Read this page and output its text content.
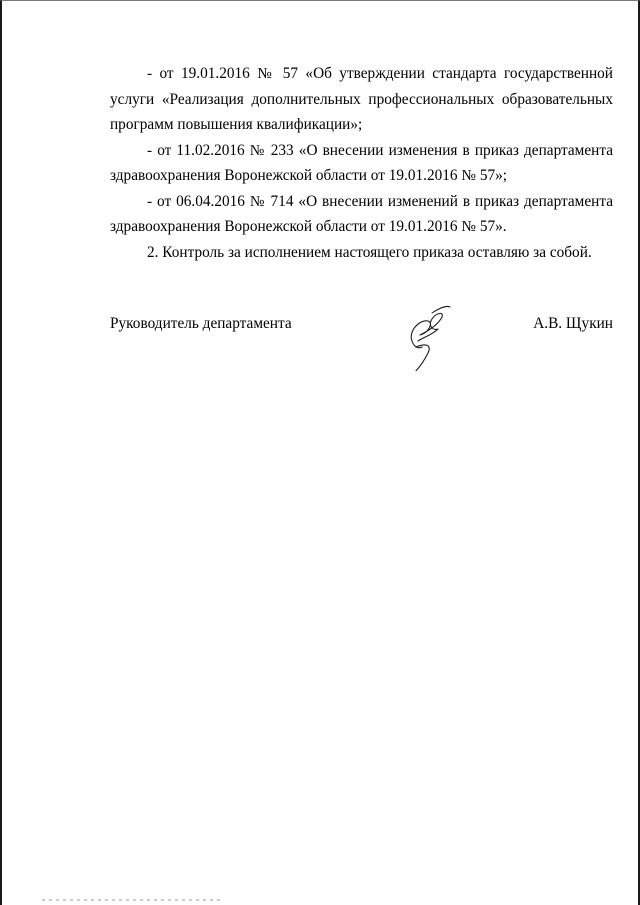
- от 19.01.2016 № 57 «Об утверждении стандарта государственной
услуги «Реализация дополнительных профессиональных образовательных
программ повышения квалификации»;

- от 11.02.2016 № 233 «О внесении изменения в приказ департамента
здравоохранения Воронежской области от 19.01.2016 № 57»;

- от 06.04.2016 № 714 «О внесении изменений в приказ департамента
здравоохранения Воронежской области от 19.01.2016 № 57».

2. Контроль за исполнением настоящего приказа оставляю за собой.

Руководитель департамента	А.В. Щукин
